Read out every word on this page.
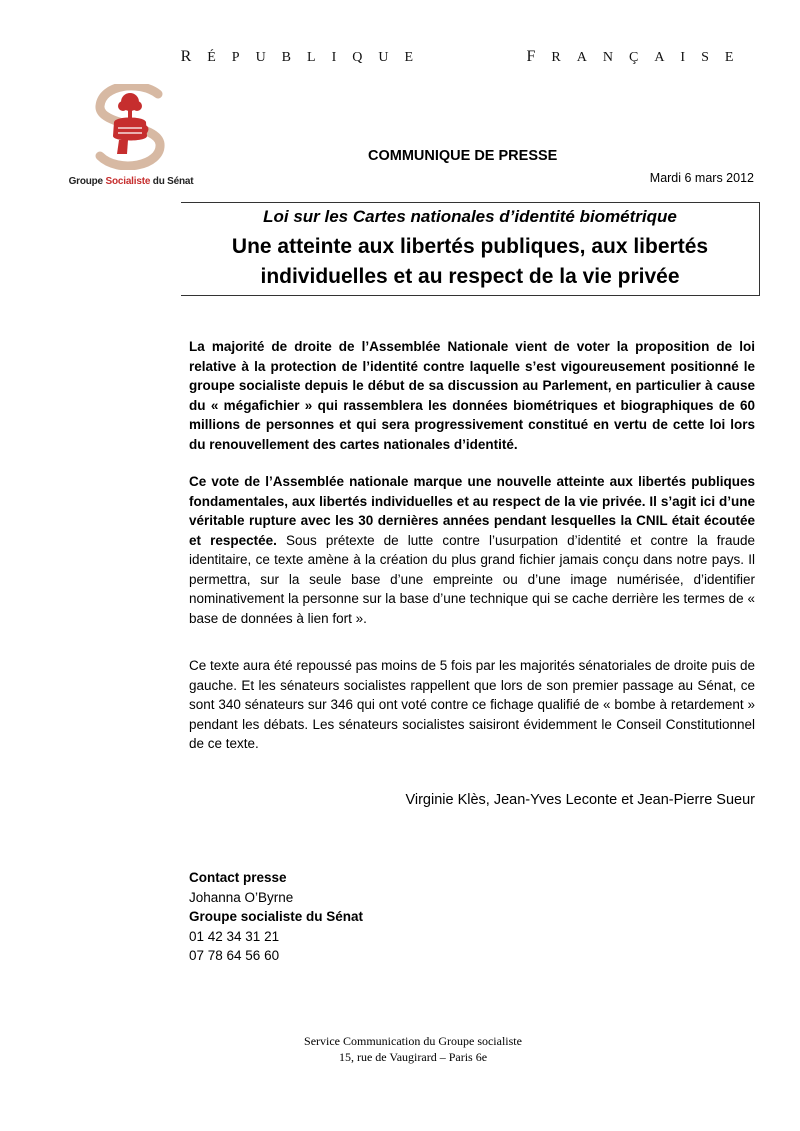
RÉPUBLIQUE	FRANÇAISE
Groupe Socialiste du Sénat
COMMUNIQUE DE PRESSE
Mardi 6 mars 2012
Loi sur les Cartes nationales d’identité biométrique
Une atteinte aux libertés publiques, aux libertés
individuelles et au respect de la vie privée
La majorité de droite de l’Assemblée Nationale vient de voter la proposition de loi relative à la protection de l’identité contre laquelle s’est vigoureusement positionné le groupe socialiste depuis le début de sa discussion au Parlement, en particulier à cause du « mégafichier » qui rassemblera les données biométriques et biographiques de 60 millions de personnes et qui sera progressivement constitué en vertu de cette loi lors du renouvellement des cartes nationales d’identité.
Ce vote de l’Assemblée nationale marque une nouvelle atteinte aux libertés publiques fondamentales, aux libertés individuelles et au respect de la vie privée. Il s’agit ici d’une véritable rupture avec les 30 dernières années pendant lesquelles la CNIL était écoutée et respectée. Sous prétexte de lutte contre l’usurpation d’identité et contre la fraude identitaire, ce texte amène à la création du plus grand fichier jamais conçu dans notre pays. Il permettra, sur la seule base d’une empreinte ou d’une image numérisée, d’identifier nominativement la personne sur la base d’une technique qui se cache derrière les termes de « base de données à lien fort ».
Ce texte aura été repoussé pas moins de 5 fois par les majorités sénatoriales de droite puis de gauche. Et les sénateurs socialistes rappellent que lors de son premier passage au Sénat, ce sont 340 sénateurs sur 346 qui ont voté contre ce fichage qualifié de « bombe à retardement » pendant les débats. Les sénateurs socialistes saisiront évidemment le Conseil Constitutionnel de ce texte.
Virginie Klès, Jean-Yves Leconte et Jean-Pierre Sueur
Contact presse
Johanna O’Byrne
Groupe socialiste du Sénat
01 42 34 31 21
07 78 64 56 60
Service Communication du Groupe socialiste
15, rue de Vaugirard – Paris 6e
